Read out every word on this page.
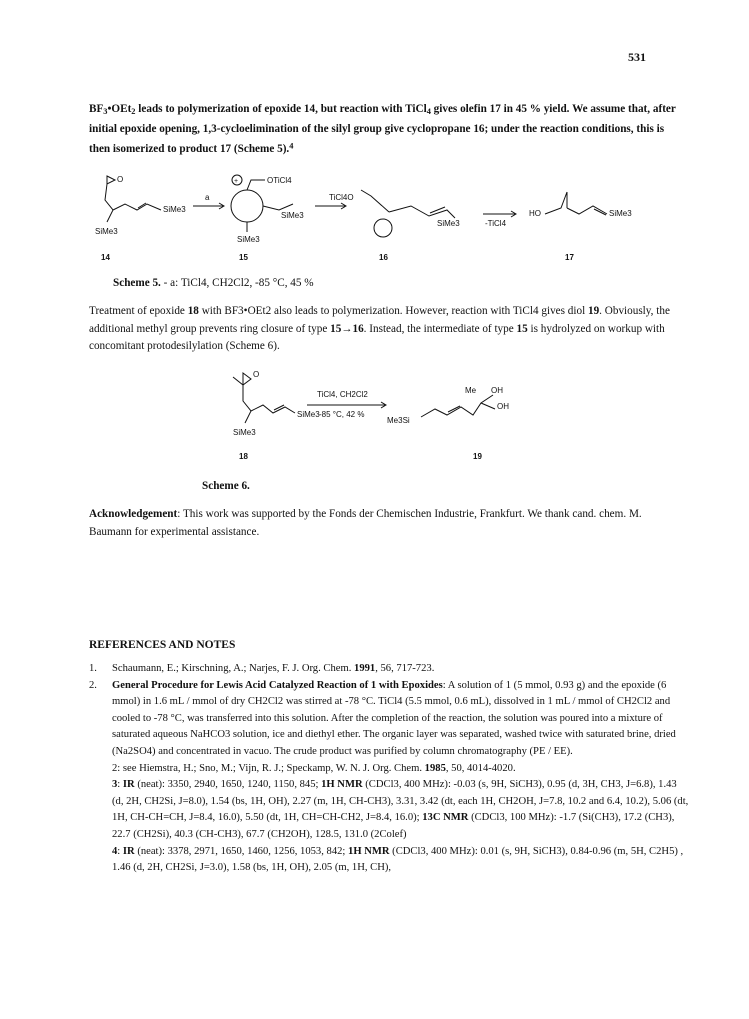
531

$BF_3•OEt_2$ leads to polymerization of epoxide 14, but reaction with TiCl$_4$ gives olefin 17 in 45 % yield. We assume that, after initial epoxide opening, 1,3-cycloelimination of the silyl group give cyclopropane 16; under the reaction conditions, this is then isomerized to product 17 (Scheme 5).$^4$

O
SiMe3
SiMe3
a
+	OTiCl4
SiMe3
SiMe3
TiCl4O
SiMe3	-TiCl4
HO	SiMe3
14	15	16	17
Scheme 5. - a: TiCl4, CH2Cl2, -85 °C, 45 %

Treatment of epoxide 18 with BF3•OEt2 also leads to polymerization. However, reaction with TiCl4 gives diol 19. Obviously, the additional methyl group prevents ring closure of type 15→16. Instead, the intermediate of type 15 is hydrolyzed on workup with concomitant protodesilylation (Scheme 6).

O
SiMe3
SiMe3
TiCl4, CH2Cl2
-85 °C, 42 %
Me3Si
Me OH
OH
18	19
Scheme 6.

Acknowledgement: This work was supported by the Fonds der Chemischen Industrie, Frankfurt. We thank cand. chem. M. Baumann for experimental assistance.

REFERENCES AND NOTES
1. Schaumann, E.; Kirschning, A.; Narjes, F. J. Org. Chem. 1991, 56, 717-723.
2. General Procedure for Lewis Acid Catalyzed Reaction of 1 with Epoxides: A solution of 1 (5 mmol, 0.93 g) and the epoxide (6 mmol) in 1.6 mL / mmol of dry CH2Cl2 was stirred at -78 °C. TiCl4 (5.5 mmol, 0.6 mL), dissolved in 1 mL / mmol of CH2Cl2 and cooled to -78 °C, was transferred into this solution. After the completion of the reaction, the solution was poured into a mixture of saturated aqueous NaHCO3 solution, ice and diethyl ether. The organic layer was separated, washed twice with saturated brine, dried (Na2SO4) and concentrated in vacuo. The crude product was purified by column chromatography (PE / EE).
2: see Hiemstra, H.; Sno, M.; Vijn, R. J.; Speckamp, W. N. J. Org. Chem. 1985, 50, 4014-4020.
3: IR (neat): 3350, 2940, 1650, 1240, 1150, 845; 1H NMR (CDCl3, 400 MHz): -0.03 (s, 9H, SiCH3), 0.95 (d, 3H, CH3, J=6.8), 1.43 (d, 2H, CH2Si, J=8.0), 1.54 (bs, 1H, OH), 2.27 (m, 1H, CH-CH3), 3.31, 3.42 (dt, each 1H, CH2OH, J=7.8, 10.2 and 6.4, 10.2), 5.06 (dt, 1H, CH-CH=CH, J=8.4, 16.0), 5.50 (dt, 1H, CH=CH-CH2, J=8.4, 16.0); 13C NMR (CDCl3, 100 MHz): -1.7 (Si(CH3), 17.2 (CH3), 22.7 (CH2Si), 40.3 (CH-CH3), 67.7 (CH2OH), 128.5, 131.0 (2Colef)
4: IR (neat): 3378, 2971, 1650, 1460, 1256, 1053, 842; 1H NMR (CDCl3, 400 MHz): 0.01 (s, 9H, SiCH3), 0.84-0.96 (m, 5H, C2H5) , 1.46 (d, 2H, CH2Si, J=3.0), 1.58 (bs, 1H, OH), 2.05 (m, 1H, CH),
